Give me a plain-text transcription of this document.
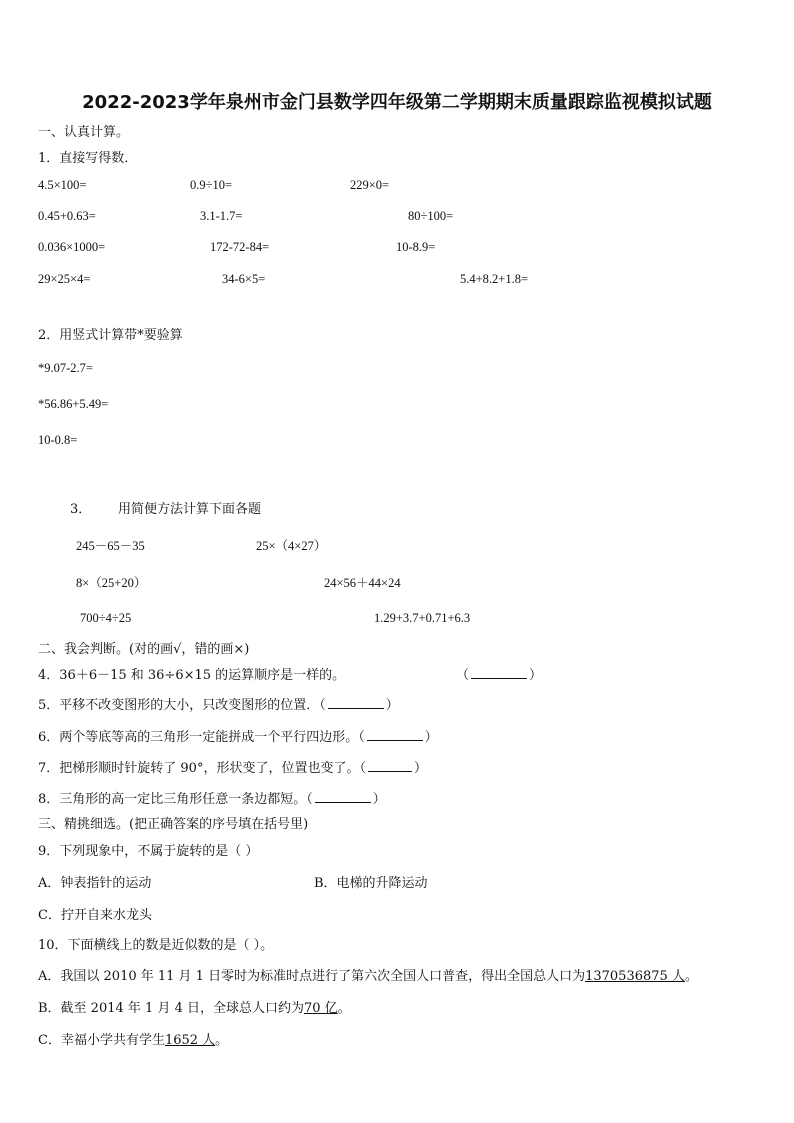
2022-2023学年泉州市金门县数学四年级第二学期期末质量跟踪监视模拟试题
一、认真计算。
1．直接写得数．
4.5×100=	0.9÷10=	229×0=
0.45+0.63=	3.1-1.7=	80÷100=
0.036×1000=	172-72-84=	10-8.9=
29×25×4=	34-6×5=	5.4+8.2+1.8=
2．用竖式计算带*要验算
*9.07-2.7=
*56.86+5.49=
10-0.8=
3． 用简便方法计算下面各题
245－65－35	25×（4×27）
8×（25+20）	24×56＋44×24
700÷4÷25	1.29+3.7+0.71+6.3
二、我会判断。(对的画√，错的画×)
4．36＋6－15 和 36÷6×15 的运算顺序是一样的。	（	）
5．平移不改变图形的大小，只改变图形的位置．（	）
6．两个等底等高的三角形一定能拼成一个平行四边形。（	）
7．把梯形顺时针旋转了 90°，形状变了，位置也变了。（	）
8．三角形的高一定比三角形任意一条边都短。（	）
三、精挑细选。(把正确答案的序号填在括号里)
9．下列现象中，不属于旋转的是（ ）
A．钟表指针的运动	B．电梯的升降运动
C．拧开自来水龙头
10．下面横线上的数是近似数的是（ ）。
A．我国以 2010 年 11 月 1 日零时为标准时点进行了第六次全国人口普查，得出全国总人口为1370536875 人。
B．截至 2014 年 1 月 4 日，全球总人口约为70 亿。
C．幸福小学共有学生1652 人。
